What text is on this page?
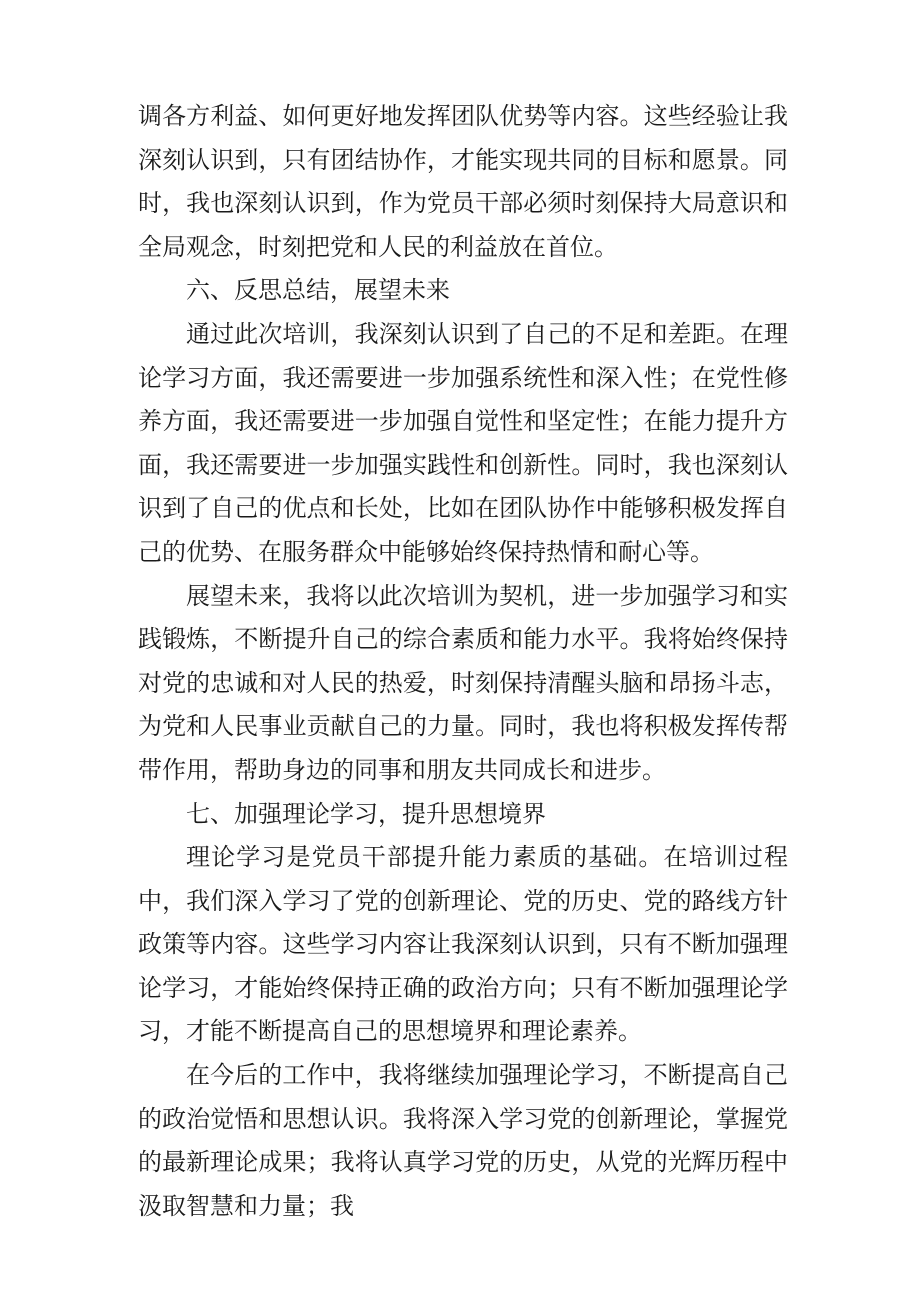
调各方利益、如何更好地发挥团队优势等内容。这些经验让我深刻认识到，只有团结协作，才能实现共同的目标和愿景。同时，我也深刻认识到，作为党员干部必须时刻保持大局意识和全局观念，时刻把党和人民的利益放在首位。

六、反思总结，展望未来

通过此次培训，我深刻认识到了自己的不足和差距。在理论学习方面，我还需要进一步加强系统性和深入性；在党性修养方面，我还需要进一步加强自觉性和坚定性；在能力提升方面，我还需要进一步加强实践性和创新性。同时，我也深刻认识到了自己的优点和长处，比如在团队协作中能够积极发挥自己的优势、在服务群众中能够始终保持热情和耐心等。

展望未来，我将以此次培训为契机，进一步加强学习和实践锻炼，不断提升自己的综合素质和能力水平。我将始终保持对党的忠诚和对人民的热爱，时刻保持清醒头脑和昂扬斗志，为党和人民事业贡献自己的力量。同时，我也将积极发挥传帮带作用，帮助身边的同事和朋友共同成长和进步。

七、加强理论学习，提升思想境界

理论学习是党员干部提升能力素质的基础。在培训过程中，我们深入学习了党的创新理论、党的历史、党的路线方针政策等内容。这些学习内容让我深刻认识到，只有不断加强理论学习，才能始终保持正确的政治方向；只有不断加强理论学习，才能不断提高自己的思想境界和理论素养。

在今后的工作中，我将继续加强理论学习，不断提高自己的政治觉悟和思想认识。我将深入学习党的创新理论，掌握党的最新理论成果；我将认真学习党的历史，从党的光辉历程中汲取智慧和力量；我
